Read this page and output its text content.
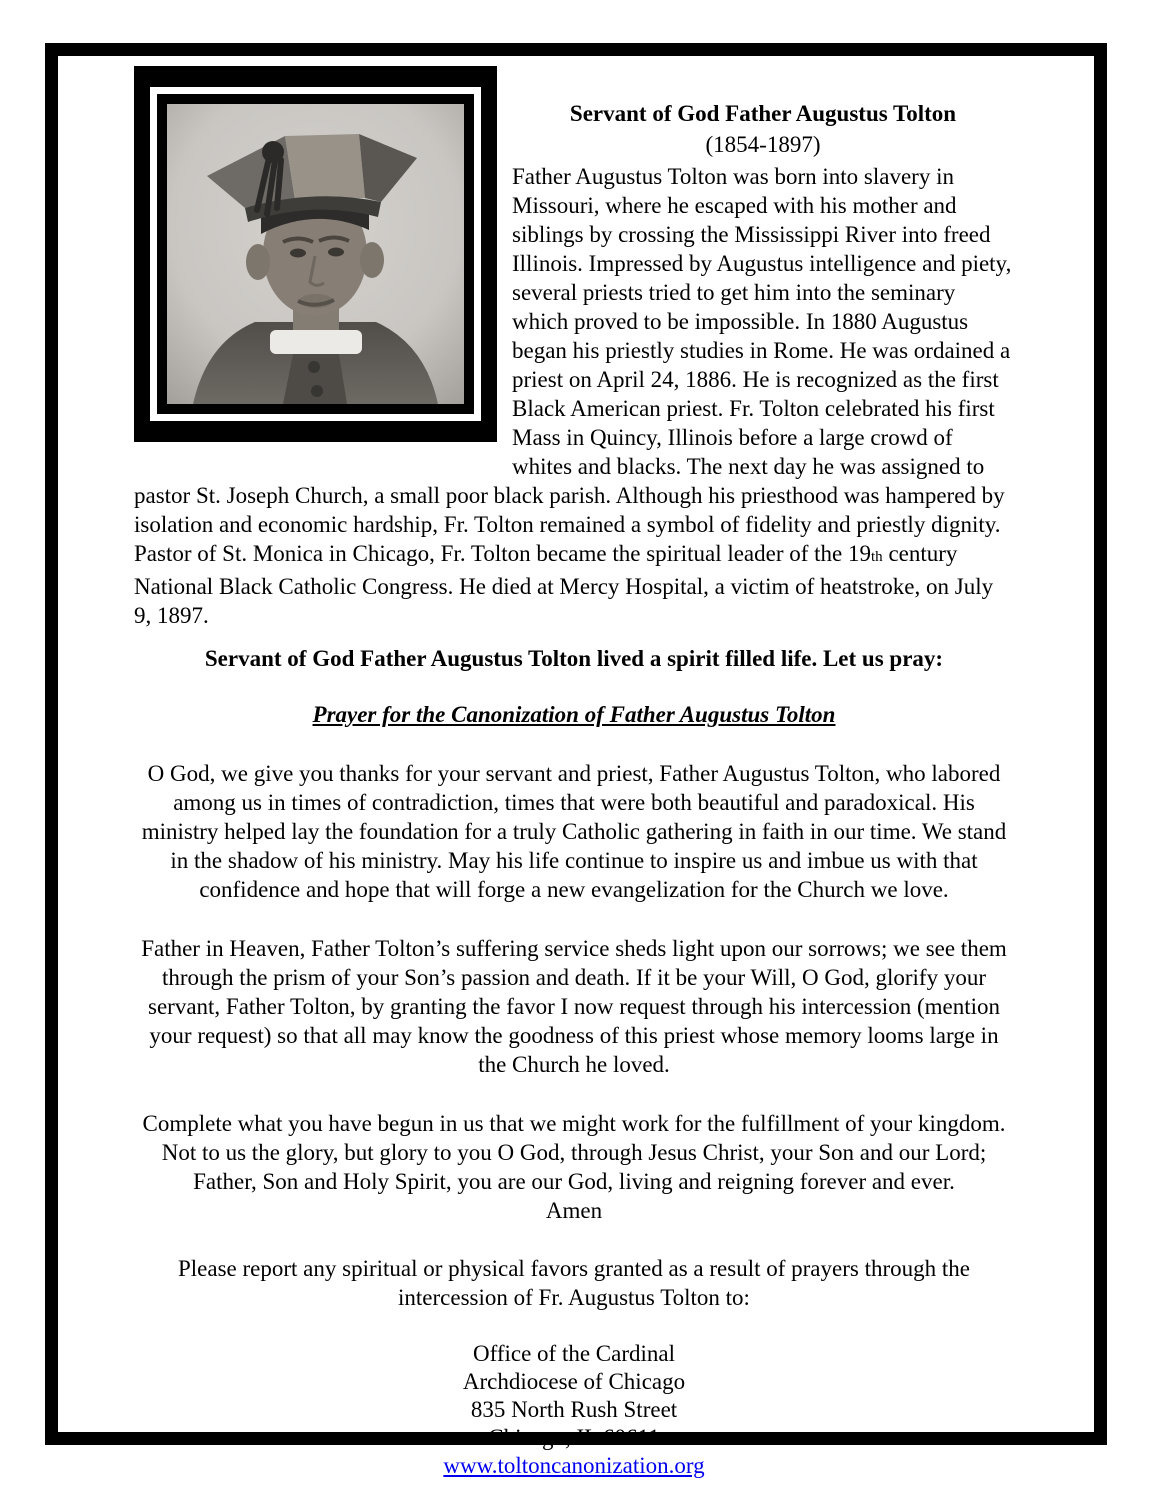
Servant of God Father Augustus Tolton
(1854-1897)

Father Augustus Tolton was born into slavery in Missouri, where he escaped with his mother and siblings by crossing the Mississippi River into freed Illinois. Impressed by Augustus intelligence and piety, several priests tried to get him into the seminary which proved to be impossible. In 1880 Augustus began his priestly studies in Rome. He was ordained a priest on April 24, 1886. He is recognized as the first Black American priest. Fr. Tolton celebrated his first Mass in Quincy, Illinois before a large crowd of whites and blacks. The next day he was assigned to pastor St. Joseph Church, a small poor black parish. Although his priesthood was hampered by isolation and economic hardship, Fr. Tolton remained a symbol of fidelity and priestly dignity. Pastor of St. Monica in Chicago, Fr. Tolton became the spiritual leader of the 19th century National Black Catholic Congress. He died at Mercy Hospital, a victim of heatstroke, on July 9, 1897.

Servant of God Father Augustus Tolton lived a spirit filled life. Let us pray:

Prayer for the Canonization of Father Augustus Tolton

O God, we give you thanks for your servant and priest, Father Augustus Tolton, who labored among us in times of contradiction, times that were both beautiful and paradoxical. His ministry helped lay the foundation for a truly Catholic gathering in faith in our time. We stand in the shadow of his ministry. May his life continue to inspire us and imbue us with that confidence and hope that will forge a new evangelization for the Church we love.

Father in Heaven, Father Tolton’s suffering service sheds light upon our sorrows; we see them through the prism of your Son’s passion and death. If it be your Will, O God, glorify your servant, Father Tolton, by granting the favor I now request through his intercession (mention your request) so that all may know the goodness of this priest whose memory looms large in the Church he loved.

Complete what you have begun in us that we might work for the fulfillment of your kingdom. Not to us the glory, but glory to you O God, through Jesus Christ, your Son and our Lord; Father, Son and Holy Spirit, you are our God, living and reigning forever and ever.

Amen

Please report any spiritual or physical favors granted as a result of prayers through the intercession of Fr. Augustus Tolton to:

Office of the Cardinal
Archdiocese of Chicago
835 North Rush Street
Chicago, IL 60611
www.toltoncanonization.org
